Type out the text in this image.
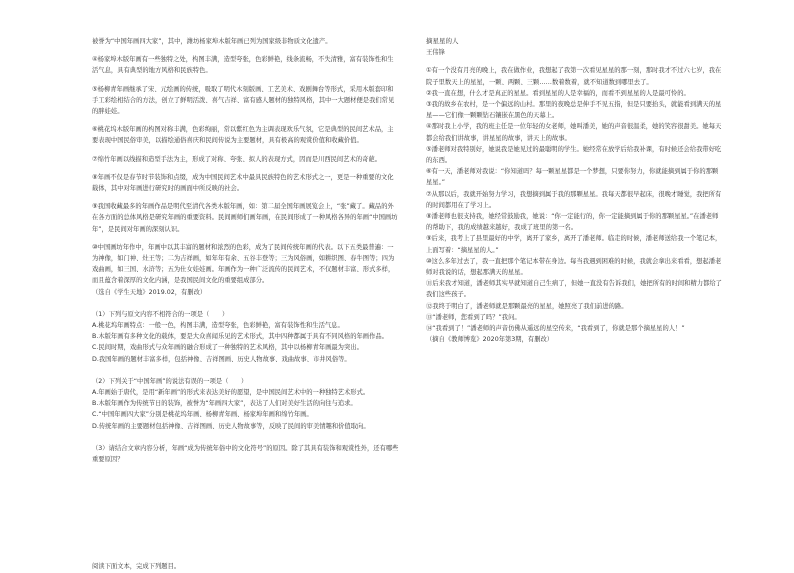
被誉为“中国年画四大家”，其中，潍坊杨家埠木版年画已列为国家级非物质文化遗产。

④杨家埠木版年画有一些独特之处，构图丰满，造型夸张，色彩鲜艳，线条流畅，不失清雅，富有装饰性和生活气息，具有典型的地方风格和民族特色。

⑤杨柳青年画继承了宋、元绘画的传统，吸取了明代木刻版画、工艺美术、戏剧舞台等形式，采用木版套印和手工彩绘相结合的方法，创立了鲜明活泼、喜气吉祥、富有感人题材的独特风格，其中一大题材便是我们常见的胖娃娃。

⑥桃花坞木版年画的构图对称丰满，色彩绚丽，常以紫红色为主调表现欢乐气氛，它是典型的民间艺术品，主要表现中国民俗审美，以描绘通俗喜庆和民间传说为主要题材，具有极高的观赏价值和收藏价值。

⑦绵竹年画以线描和造型手法为主，形成了对称、夸张、拟人的表现方式，因而是川西民间艺术的奇葩。

⑧年画不仅是春节时节装饰和点缀，成为中国民间艺术中最具民族特色的艺术形式之一，更是一种重要的文化载体，其中对年画进行研究时的画面中所反映的社会。

⑨我国收藏最多的年画作品是明代至清代各类木版年画，如：第二届全国年画展览会上，“张”藏了。藏品的外在各方面的总体风格是研究年画的重要资料。民间画师们画年画，在民间形成了一种风格各异的年画“中国画坊年”，是民间对年画的深刻认识。

⑩中国画坊年作中，年画中以其丰富的题材和浓烈的色彩，成为了民间传统年画的代表。以下五类最普遍：一为神像，如门神、灶王等；二为吉祥画，如年年有余、五谷丰登等；三为风俗画，如耕织图、春牛图等；四为戏曲画，如三国、水浒等；五为仕女娃娃画。年画作为一种广泛流传的民间艺术，不仅题材丰富、形式多样，而且蕴含着深厚的文化内涵，是我国民间文化的重要组成部分。

（选自《学生天地》2019.02，有删改）

（1）下列与原文内容不相符合的一项是（　　）

A.桃花坞年画特点：一般一色，构图丰满，造型夸张，色彩鲜艳，富有装饰性和生活气息。

B.木版年画有多种文化的载体，要是大众喜闻乐见的艺术形式，其中四种都属于具有不同风格的年画作品。

C.民间时期，戏曲形式与众年画的融合形成了一种独特的艺术风格，其中以杨柳青年画最为突出。

D.我国年画的题材丰富多样，包括神像、吉祥图画、历史人物故事、戏曲故事、市井风俗等。

（2）下列关于“中国年画”的说法有误的一项是（　　）

A.年画始于唐代，是用“新年画”的形式来表达美好的愿望，是中国民间艺术中的一种独特艺术形式。

B.木版年画作为传统节日的装饰，被誉为“年画四大家”，表达了人们对美好生活的向往与追求。

C.“中国年画四大家”分别是桃花坞年画、杨柳青年画、杨家埠年画和绵竹年画。

D.传统年画的主要题材包括神像、吉祥图画、历史人物故事等，反映了民间的审美情趣和价值取向。

（3）请结合文章内容分析，年画“成为传统年俗中的文化符号”的原因。除了其具有装饰和观赏性外，还有哪些重要原因？

阅读下面文本，完成下列题目。

摘星星的人

王伟锋

①有一个没有月亮的晚上，我在做作业，我想起了我第一次看见星星的那一刻，那时我才不过六七岁，我在院子里数天上的星星，一颗、两颗、三颗……数着数着，就不知道数到哪里去了。

②我一直在想，什么才是真正的星星。看到星星的人是幸福的，而看不到星星的人是最可怜的。

③我的故乡在农村，是一个偏远的山村。那里的夜晚总是伸手不见五指，但是只要抬头，就能看到满天的星星——它们像一颗颗钻石镶嵌在黑色的天幕上。

④那时我上小学，我的班主任是一位年轻的女老师，她叫潘美，她的声音很温柔，她的笑容很甜美。她每天都会给我们讲故事，讲星星的故事，讲天上的故事。

⑤潘老师对我特别好，她说我是她见过的最聪明的学生。她经常在放学后给我补课，有时候还会给我带好吃的东西。

⑥有一天，潘老师对我说：“你知道吗？每一颗星星都是一个梦想，只要你努力，你就能摘到属于你的那颗星星。”

⑦从那以后，我就开始努力学习，我想摘到属于我的那颗星星。我每天都很早起床，很晚才睡觉，我把所有的时间都用在了学习上。

⑧潘老师也很支持我，她经常鼓励我，她说：“你一定能行的，你一定能摘到属于你的那颗星星。”在潘老师的帮助下，我的成绩越来越好，我成了班里的第一名。

⑨后来，我考上了县里最好的中学，离开了家乡，离开了潘老师。临走的时候，潘老师送给我一个笔记本，上面写着：“摘星星的人。”

⑩这么多年过去了，我一直把那个笔记本带在身边。每当我遇到困难的时候，我就会拿出来看看，想起潘老师对我说的话，想起那满天的星星。

⑪后来我才知道，潘老师其实早就知道自己生病了，但她一直没有告诉我们，她把所有的时间和精力都给了我们这些孩子。

⑫我终于明白了，潘老师就是那颗最亮的星星，她照亮了我们前进的路。

⑬“潘老师，您看到了吗？”我问。

⑭“我看到了！”潘老师的声音仿佛从遥远的星空传来，“我看到了，你就是那个摘星星的人！”

（摘自《教师博览》2020年第3期，有删改）
